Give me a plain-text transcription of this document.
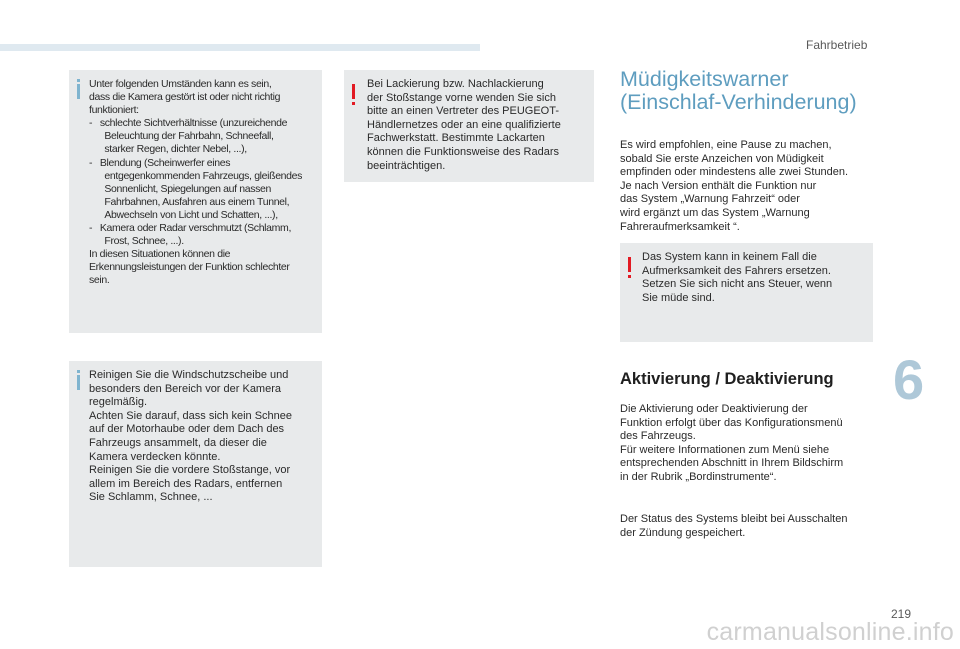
Fahrbetrieb
6
Unter folgenden Umständen kann es sein,
dass die Kamera gestört ist oder nicht richtig
funktioniert:
-   schlechte Sichtverhältnisse (unzureichende
Beleuchtung der Fahrbahn, Schneefall,
starker Regen, dichter Nebel, ...),
-   Blendung (Scheinwerfer eines
entgegenkommenden Fahrzeugs, gleißendes
Sonnenlicht, Spiegelungen auf nassen
Fahrbahnen, Ausfahren aus einem Tunnel,
Abwechseln von Licht und Schatten, ...),
-   Kamera oder Radar verschmutzt (Schlamm,
Frost, Schnee, ...).
In diesen Situationen können die
Erkennungsleistungen der Funktion schlechter
sein.
Reinigen Sie die Windschutzscheibe und
besonders den Bereich vor der Kamera
regelmäßig.
Achten Sie darauf, dass sich kein Schnee
auf der Motorhaube oder dem Dach des
Fahrzeugs ansammelt, da dieser die
Kamera verdecken könnte.
Reinigen Sie die vordere Stoßstange, vor
allem im Bereich des Radars, entfernen
Sie Schlamm, Schnee, ...
Bei Lackierung bzw. Nachlackierung
der Stoßstange vorne wenden Sie sich
bitte an einen Vertreter des PEUGEOT-
Händlernetzes oder an eine qualifizierte
Fachwerkstatt. Bestimmte Lackarten
können die Funktionsweise des Radars
beeinträchtigen.
Müdigkeitswarner
(Einschlaf-Verhinderung)
Es wird empfohlen, eine Pause zu machen,
sobald Sie erste Anzeichen von Müdigkeit
empfinden oder mindestens alle zwei Stunden.
Je nach Version enthält die Funktion nur
das System „Warnung Fahrzeit“ oder
wird ergänzt um das System „Warnung
Fahreraufmerksamkeit “.
Das System kann in keinem Fall die
Aufmerksamkeit des Fahrers ersetzen.
Setzen Sie sich nicht ans Steuer, wenn
Sie müde sind.
Aktivierung / Deaktivierung
Die Aktivierung oder Deaktivierung der
Funktion erfolgt über das Konfigurationsmenü
des Fahrzeugs.
Für weitere Informationen zum Menü siehe
entsprechenden Abschnitt in Ihrem Bildschirm
in der Rubrik „Bordinstrumente“.
Der Status des Systems bleibt bei Ausschalten
der Zündung gespeichert.
219
carmanualsonline.info
